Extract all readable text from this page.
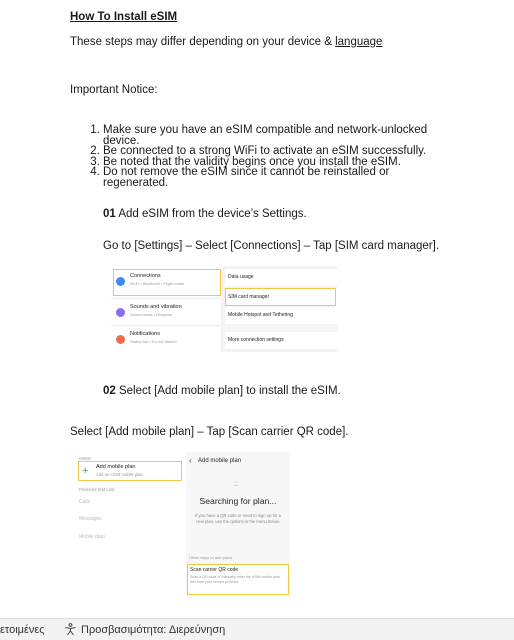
How To Install eSIM
These steps may differ depending on your device & language
Important Notice:
1. Make sure you have an eSIM compatible and network-unlocked device.
2. Be connected to a strong WiFi to activate an eSIM successfully.
3. Be noted that the validity begins once you install the eSIM.
4. Do not remove the eSIM since it cannot be reinstalled or regenerated.
01 Add eSIM from the device’s Settings.
Go to [Settings] – Select [Connections] – Tap [SIM card manager].
Connections
Wi-Fi • Bluetooth • Flight mode
Sounds and vibration
Sound mode • Ringtone
Notifications
Status bar • Do not disturb
Data usage
SIM card manager
Mobile Hotspot and Tethering
More connection settings
02 Select [Add mobile plan] to install the eSIM.
Select [Add mobile plan] – Tap [Scan carrier QR code].
eSIMs
+ Add mobile plan
Add an eSIM mobile plan.
Preferred SIM card
Calls
Messages
Mobile data
‹ Add mobile plan
⁚⁚
Searching for plan...
If you have a QR code or need to sign up for a new plan, use the options in the menu below.
Other ways to add plans
Scan carrier QR code
Scan a QR code or manually enter the eSIM mobile plan info from your service provider.
ετοιμένες	Προσβασιμότητα: Διερεύνηση
